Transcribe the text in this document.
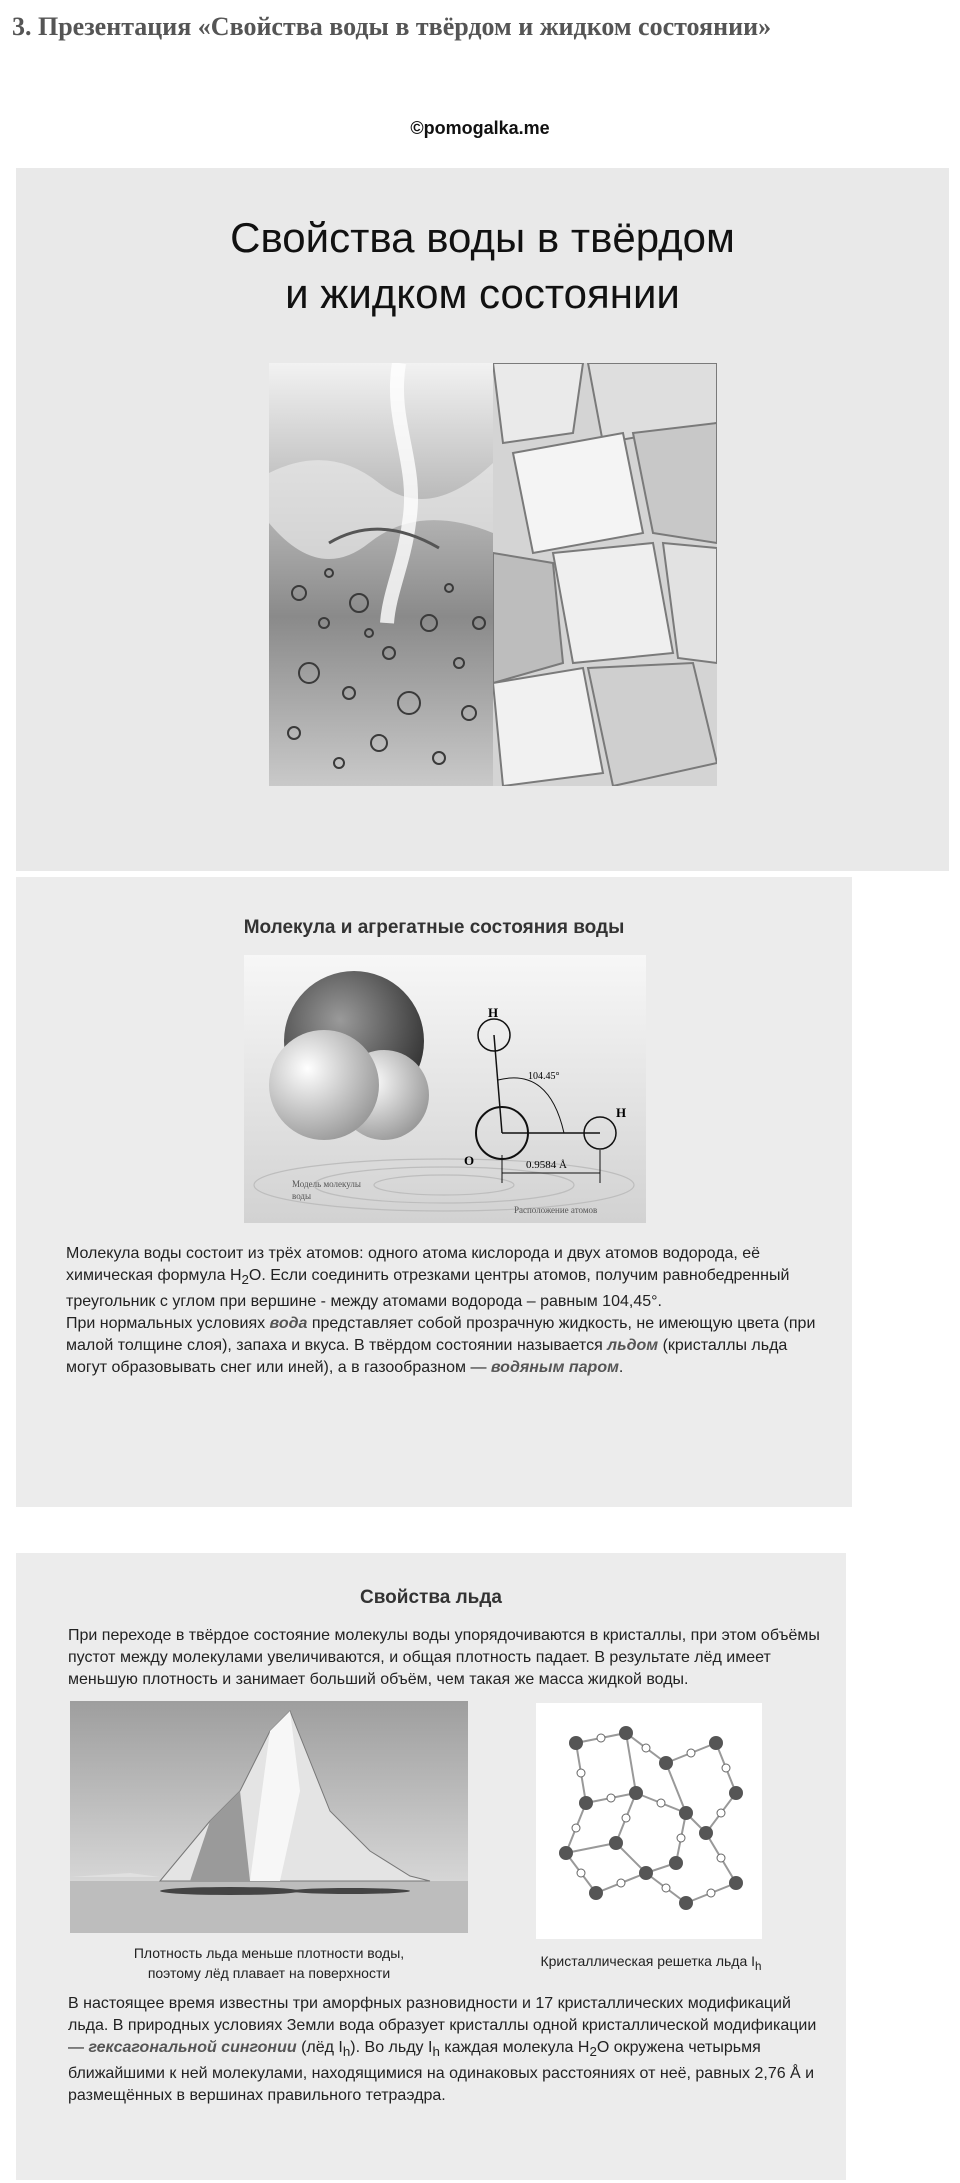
3. Презентация «Свойства воды в твёрдом и жидком состоянии»
©pomogalka.me
Свойства воды в твёрдом
и жидком состоянии
Молекула и агрегатные состояния воды
H
H
O
104.45°
0.9584 Å
Модель молекулы
воды
Расположение атомов

Молекула воды состоит из трёх атомов: одного атома кислорода и двух атомов водорода, её химическая формула $H_2O$. Если соединить отрезками центры атомов, получим равнобедренный треугольник с углом при вершине - между атомами водорода – равным 104,45°.

При нормальных условиях вода представляет собой прозрачную жидкость, не имеющую цвета (при малой толщине слоя), запаха и вкуса. В твёрдом состоянии называется льдом (кристаллы льда могут образовывать снег или иней), а в газообразном — водяным паром.

Свойства льда
При переходе в твёрдое состояние молекулы воды упорядочиваются в кристаллы, при этом объёмы пустот между молекулами увеличиваются, и общая плотность падает. В результате лёд имеет меньшую плотность и занимает больший объём, чем такая же масса жидкой воды.
Плотность льда меньше плотности воды,
поэтому лёд плавает на поверхности
Кристаллическая решетка льда $I_h$
В настоящее время известны три аморфных разновидности и 17 кристаллических модификаций льда. В природных условиях Земли вода образует кристаллы одной кристаллической модификации — гексагональной сингонии (лёд $I_h$). Во льду $I_h$ каждая молекула $H_2O$ окружена четырьмя ближайшими к ней молекулами, находящимися на одинаковых расстояниях от неё, равных 2,76 Å и размещённых в вершинах правильного тетраэдра.
